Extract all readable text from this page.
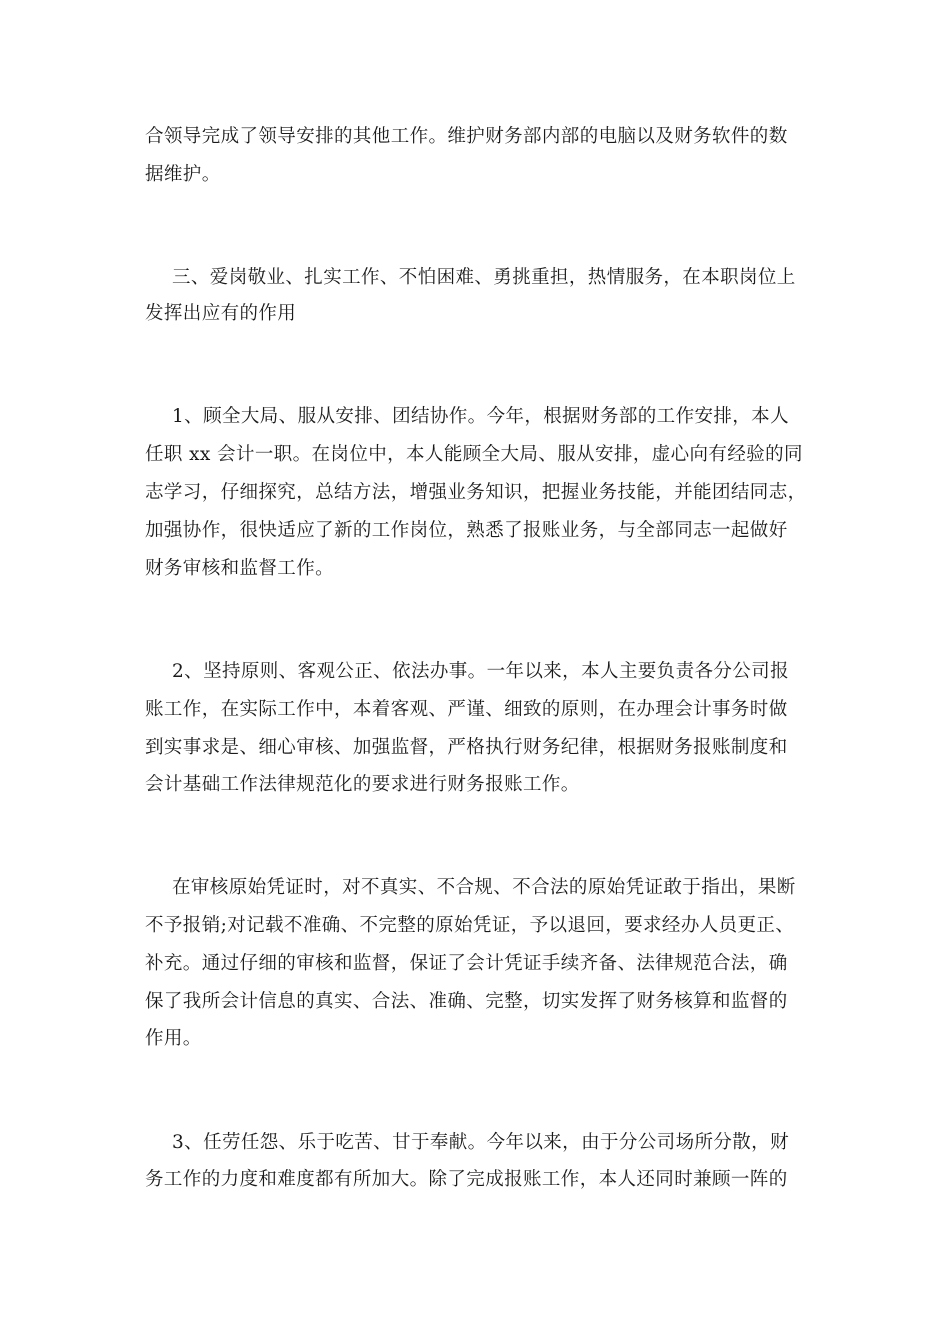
合领导完成了领导安排的其他工作。维护财务部内部的电脑以及财务软件的数
据维护。
三、爱岗敬业、扎实工作、不怕困难、勇挑重担，热情服务，在本职岗位上
发挥出应有的作用
1、顾全大局、服从安排、团结协作。今年，根据财务部的工作安排，本人
任职 xx 会计一职。在岗位中，本人能顾全大局、服从安排，虚心向有经验的同
志学习，仔细探究，总结方法，增强业务知识，把握业务技能，并能团结同志，
加强协作，很快适应了新的工作岗位，熟悉了报账业务，与全部同志一起做好
财务审核和监督工作。
2、坚持原则、客观公正、依法办事。一年以来，本人主要负责各分公司报
账工作，在实际工作中，本着客观、严谨、细致的原则，在办理会计事务时做
到实事求是、细心审核、加强监督，严格执行财务纪律，根据财务报账制度和
会计基础工作法律规范化的要求进行财务报账工作。
在审核原始凭证时，对不真实、不合规、不合法的原始凭证敢于指出，果断
不予报销;对记载不准确、不完整的原始凭证，予以退回，要求经办人员更正、
补充。通过仔细的审核和监督，保证了会计凭证手续齐备、法律规范合法，确
保了我所会计信息的真实、合法、准确、完整，切实发挥了财务核算和监督的
作用。
3、任劳任怨、乐于吃苦、甘于奉献。今年以来，由于分公司场所分散，财
务工作的力度和难度都有所加大。除了完成报账工作，本人还同时兼顾一阵的
